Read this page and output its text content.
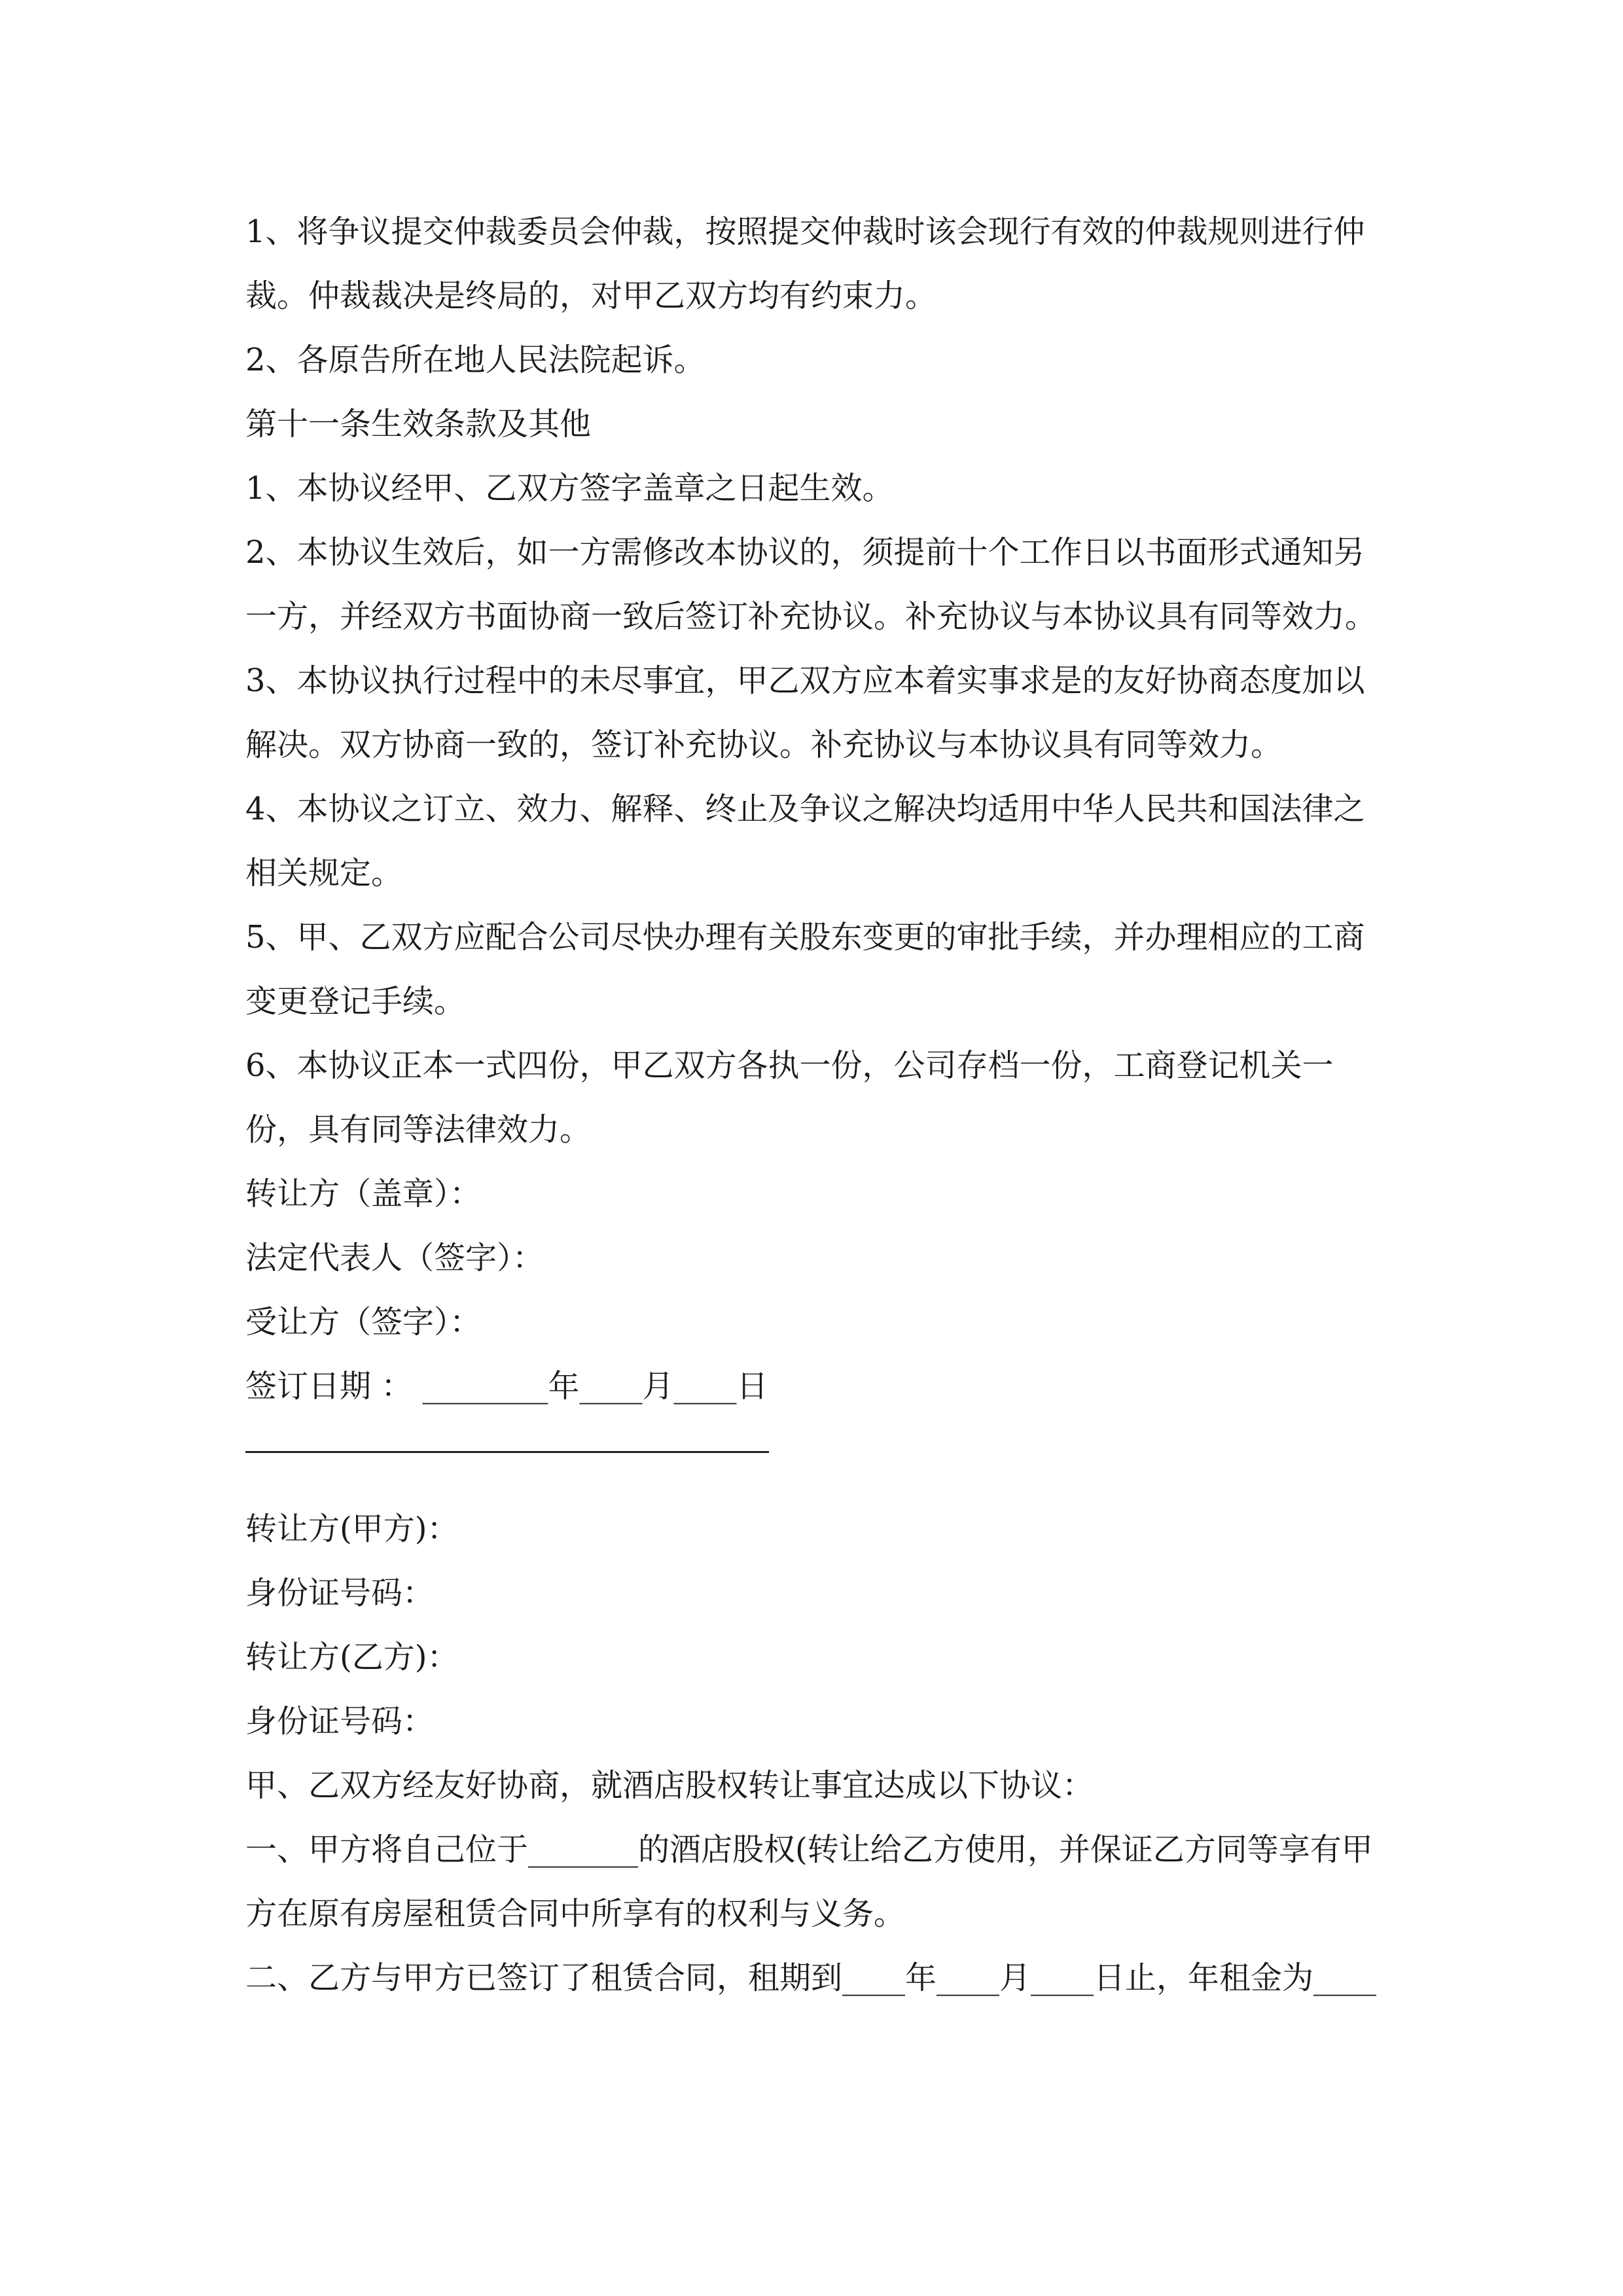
1、将争议提交仲裁委员会仲裁，按照提交仲裁时该会现行有效的仲裁规则进行仲裁。仲裁裁决是终局的，对甲乙双方均有约束力。

2、各原告所在地人民法院起诉。

第十一条生效条款及其他

1、本协议经甲、乙双方签字盖章之日起生效。

2、本协议生效后，如一方需修改本协议的，须提前十个工作日以书面形式通知另一方，并经双方书面协商一致后签订补充协议。补充协议与本协议具有同等效力。

3、本协议执行过程中的未尽事宜，甲乙双方应本着实事求是的友好协商态度加以解决。双方协商一致的，签订补充协议。补充协议与本协议具有同等效力。

4、本协议之订立、效力、解释、终止及争议之解决均适用中华人民共和国法律之相关规定。

5、甲、乙双方应配合公司尽快办理有关股东变更的审批手续，并办理相应的工商变更登记手续。

6、本协议正本一式四份，甲乙双方各执一份，公司存档一份，工商登记机关一份，具有同等法律效力。

转让方（盖章）：

法定代表人（签字）：

受让方（签字）：

签订日期 ： ________年____月____日

转让方(甲方)：

身份证号码：

转让方(乙方)：

身份证号码：

甲、乙双方经友好协商，就酒店股权转让事宜达成以下协议：

一、甲方将自己位于_______的酒店股权(转让给乙方使用，并保证乙方同等享有甲方在原有房屋租赁合同中所享有的权利与义务。

二、乙方与甲方已签订了租赁合同，租期到____年____月____日止，年租金为____
